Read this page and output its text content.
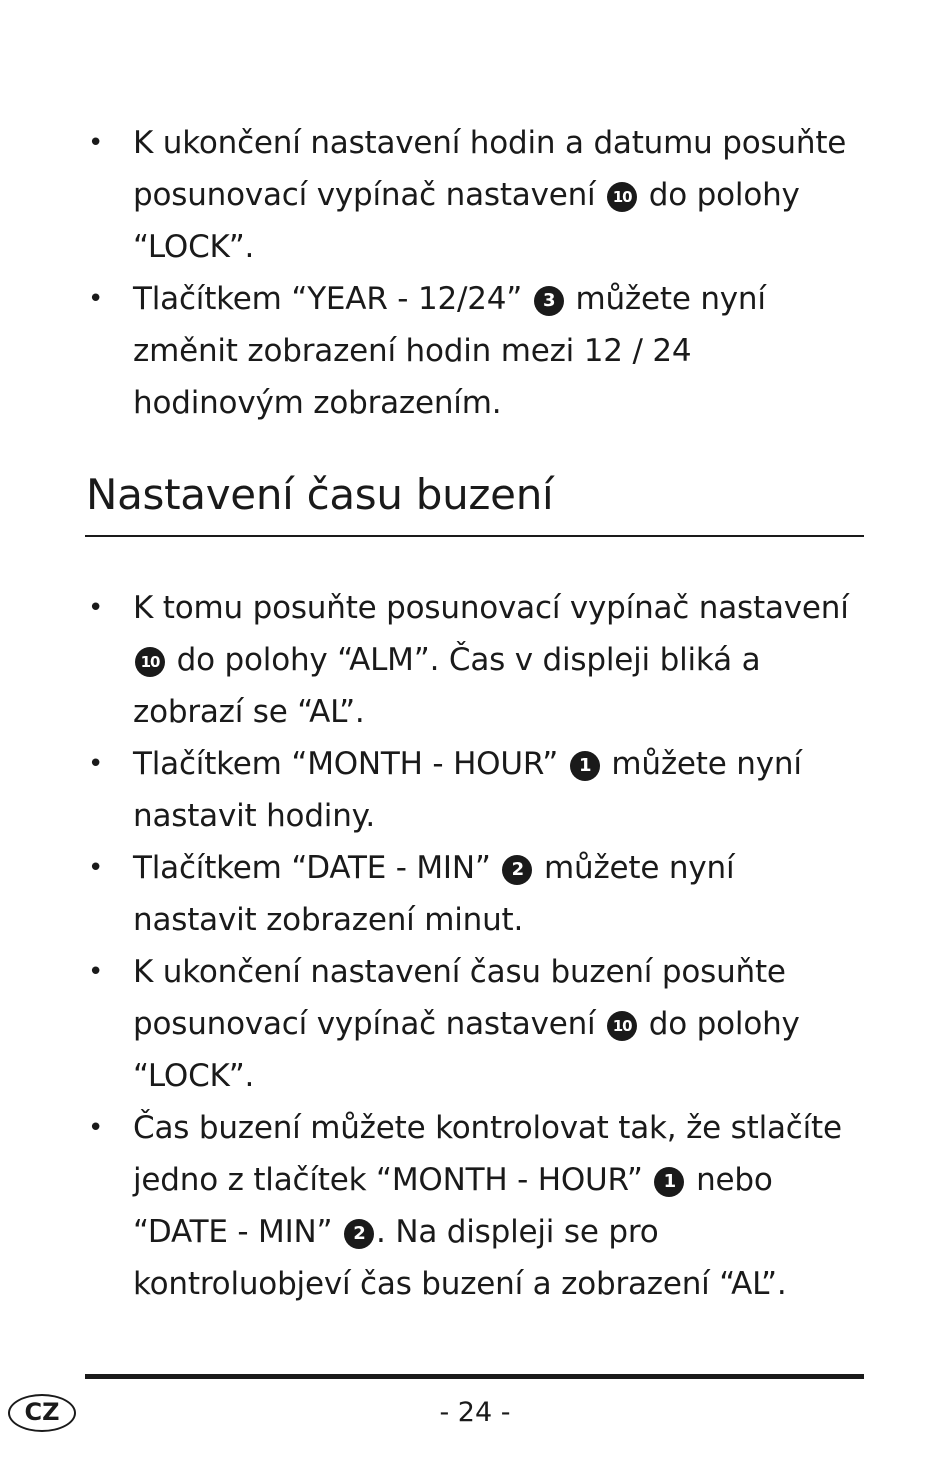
• K ukončení nastavení hodin a datumu posuňte posunovací vypínač nastavení 10 do polohy “LOCK”.
• Tlačítkem “YEAR - 12/24” 3 můžete nyní změnit zobrazení hodin mezi 12 / 24 hodinovým zobrazením.
Nastavení času buzení
• K tomu posuňte posunovací vypínač nastavení 10 do polohy “ALM”. Čas v displeji bliká a zobrazí se “AL”.
• Tlačítkem “MONTH - HOUR” 1 můžete nyní nastavit hodiny.
• Tlačítkem “DATE - MIN” 2 můžete nyní nastavit zobrazení minut.
• K ukončení nastavení času buzení posuňte posunovací vypínač nastavení 10 do polohy “LOCK”.
• Čas buzení můžete kontrolovat tak, že stlačíte jedno z tlačítek “MONTH - HOUR” 1 nebo “DATE - MIN” 2 . Na displeji se pro kontroluobjeví čas buzení a zobrazení “AL”.
CZ	- 24 -
